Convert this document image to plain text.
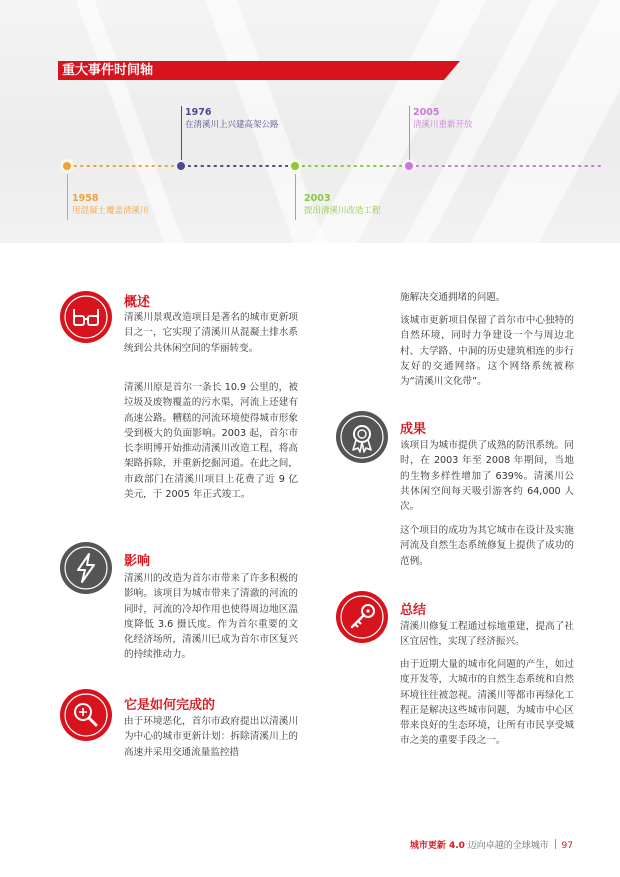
重大事件时间轴
1976
在清溪川上兴建高架公路
2005
清溪川重新开放
1958
用混凝土覆盖清溪川
2003
提出清溪川改造工程
概述
清溪川景观改造项目是著名的城市更新项目之一，它实现了清溪川从混凝土排水系统到公共休闲空间的华丽转变。
清溪川原是首尔一条长 10.9 公里的，被垃圾及废物覆盖的污水渠，河流上还建有高速公路。糟糕的河流环境使得城市形象受到极大的负面影响。2003 起，首尔市长李明博开始推动清溪川改造工程，将高架路拆除，并重新挖掘河道。在此之间，市政部门在清溪川项目上花费了近 9 亿美元，于 2005 年正式竣工。
影响
清溪川的改造为首尔市带来了许多积极的影响。该项目为城市带来了清澈的河流的同时，河流的冷却作用也使得周边地区温度降低 3.6 摄氏度。作为首尔重要的文化经济场所，清溪川已成为首尔市区复兴的持续推动力。
它是如何完成的
由于环境恶化，首尔市政府提出以清溪川为中心的城市更新计划：拆除清溪川上的高速并采用交通流量监控措
施解决交通拥堵的问题。
该城市更新项目保留了首尔市中心独特的自然环境，同时力争建设一个与周边北村、大学路、中洞的历史建筑相连的步行友好的交通网络。这个网络系统被称为“清溪川文化带”。
成果
该项目为城市提供了成熟的防汛系统。同时，在 2003 年至 2008 年期间，当地的生物多样性增加了 639%。清溪川公共休闲空间每天吸引游客约 64,000 人次。
这个项目的成功为其它城市在设计及实施河流及自然生态系统修复上提供了成功的范例。
总结
清溪川修复工程通过棕地重建，提高了社区宜居性，实现了经济振兴。
由于近期大量的城市化问题的产生，如过度开发等，大城市的自然生态系统和自然环境往往被忽视。清溪川等都市再绿化工程正是解决这些城市问题，为城市中心区带来良好的生态环境，让所有市民享受城市之美的重要手段之一。
城市更新 4.0 迈向卓越的全球城市 97
